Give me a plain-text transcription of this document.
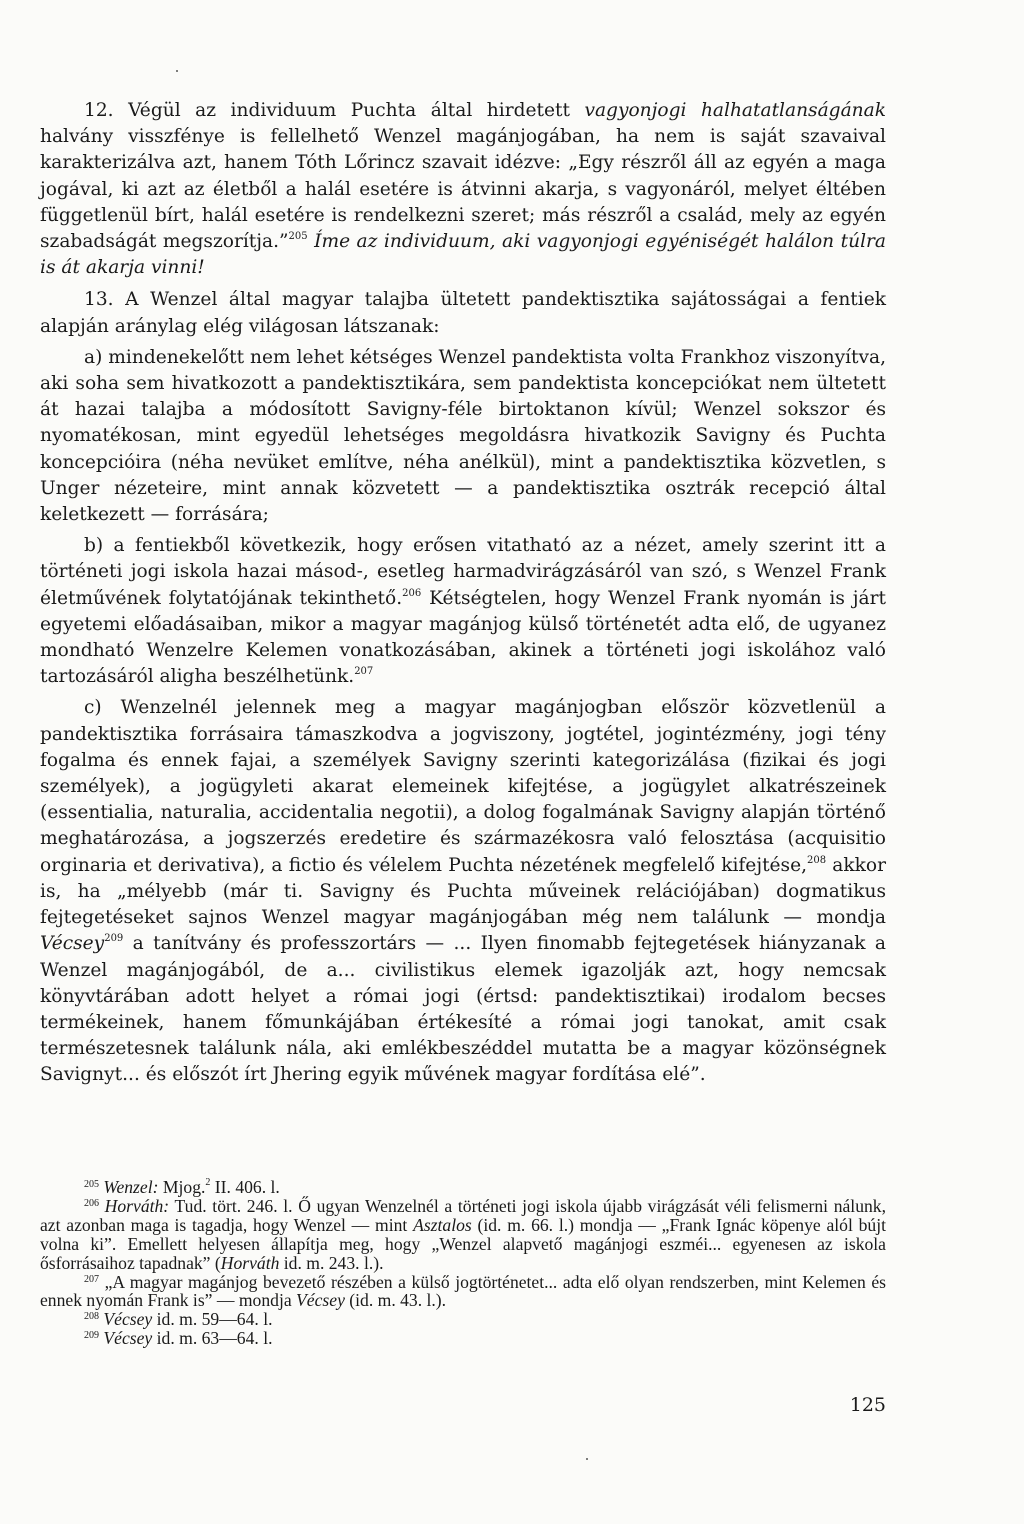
12. Végül az individuum Puchta által hirdetett vagyonjogi halhatatlanságának halvány visszfénye is fellelhető Wenzel magánjogában, ha nem is saját szavaival karakterizálva azt, hanem Tóth Lőrincz szavait idézve: „Egy részről áll az egyén a maga jogával, ki azt az életből a halál esetére is átvinni akarja, s vagyonáról, melyet éltében függetlenül bírt, halál esetére is rendelkezni szeret; más részről a család, mely az egyén szabadságát megszorítja.”$^{205}$ Íme az individuum, aki vagyonjogi egyéniségét halálon túlra is át akarja vinni!

13. A Wenzel által magyar talajba ültetett pandektisztika sajátosságai a fentiek alapján aránylag elég világosan látszanak:

a) mindenekelőtt nem lehet kétséges Wenzel pandektista volta Frankhoz viszonyítva, aki soha sem hivatkozott a pandektisztikára, sem pandektista koncepciókat nem ültetett át hazai talajba a módosított Savigny-féle birtoktanon kívül; Wenzel sokszor és nyomatékosan, mint egyedül lehetséges megoldásra hivatkozik Savigny és Puchta koncepcióira (néha nevüket említve, néha anélkül), mint a pandektisztika közvetlen, s Unger nézeteire, mint annak közvetett — a pandektisztika osztrák recepció által keletkezett — forrására;

b) a fentiekből következik, hogy erősen vitatható az a nézet, amely szerint itt a történeti jogi iskola hazai másod-, esetleg harmadvirágzásáról van szó, s Wenzel Frank életművének folytatójának tekinthető.$^{206}$ Kétségtelen, hogy Wenzel Frank nyomán is járt egyetemi előadásaiban, mikor a magyar magánjog külső történetét adta elő, de ugyanez mondható Wenzelre Kelemen vonatkozásában, akinek a történeti jogi iskolához való tartozásáról aligha beszélhetünk.$^{207}$

c) Wenzelnél jelennek meg a magyar magánjogban először közvetlenül a pandektisztika forrásaira támaszkodva a jogviszony, jogtétel, jogintézmény, jogi tény fogalma és ennek fajai, a személyek Savigny szerinti kategorizálása (fizikai és jogi személyek), a jogügyleti akarat elemeinek kifejtése, a jogügylet alkatrészeinek (essentialia, naturalia, accidentalia negotii), a dolog fogalmának Savigny alapján történő meghatározása, a jogszerzés eredetire és származékosra való felosztása (acquisitio orginaria et derivativa), a fictio és vélelem Puchta nézetének megfelelő kifejtése,$^{208}$ akkor is, ha „mélyebb (már ti. Savigny és Puchta műveinek relációjában) dogmatikus fejtegetéseket sajnos Wenzel magyar magánjogában még nem találunk — mondja Vécsey$^{209}$ a tanítvány és professzortárs — ... Ilyen finomabb fejtegetések hiányzanak a Wenzel magánjogából, de a... civilistikus elemek igazolják azt, hogy nemcsak könyvtárában adott helyet a római jogi (értsd: pandektisztikai) irodalom becses termékeinek, hanem főmunkájában értékesíté a római jogi tanokat, amit csak természetesnek találunk nála, aki emlékbeszéddel mutatta be a magyar közönségnek Savignyt... és előszót írt Jhering egyik művének magyar fordítása elé”.

$^{205}$ Wenzel: Mjog.$^2$ II. 406. l.

$^{206}$ Horváth: Tud. tört. 246. l. Ő ugyan Wenzelnél a történeti jogi iskola újabb virágzását véli felismerni nálunk, azt azonban maga is tagadja, hogy Wenzel — mint Asztalos (id. m. 66. l.) mondja — „Frank Ignác köpenye alól bújt volna ki”. Emellett helyesen állapítja meg, hogy „Wenzel alapvető magánjogi eszméi... egyenesen az iskola ősforrásaihoz tapadnak” (Horváth id. m. 243. l.).

$^{207}$ „A magyar magánjog bevezető részében a külső jogtörténetet... adta elő olyan rendszerben, mint Kelemen és ennek nyomán Frank is” — mondja Vécsey (id. m. 43. l.).

$^{208}$ Vécsey id. m. 59—64. l.

$^{209}$ Vécsey id. m. 63—64. l.

125
